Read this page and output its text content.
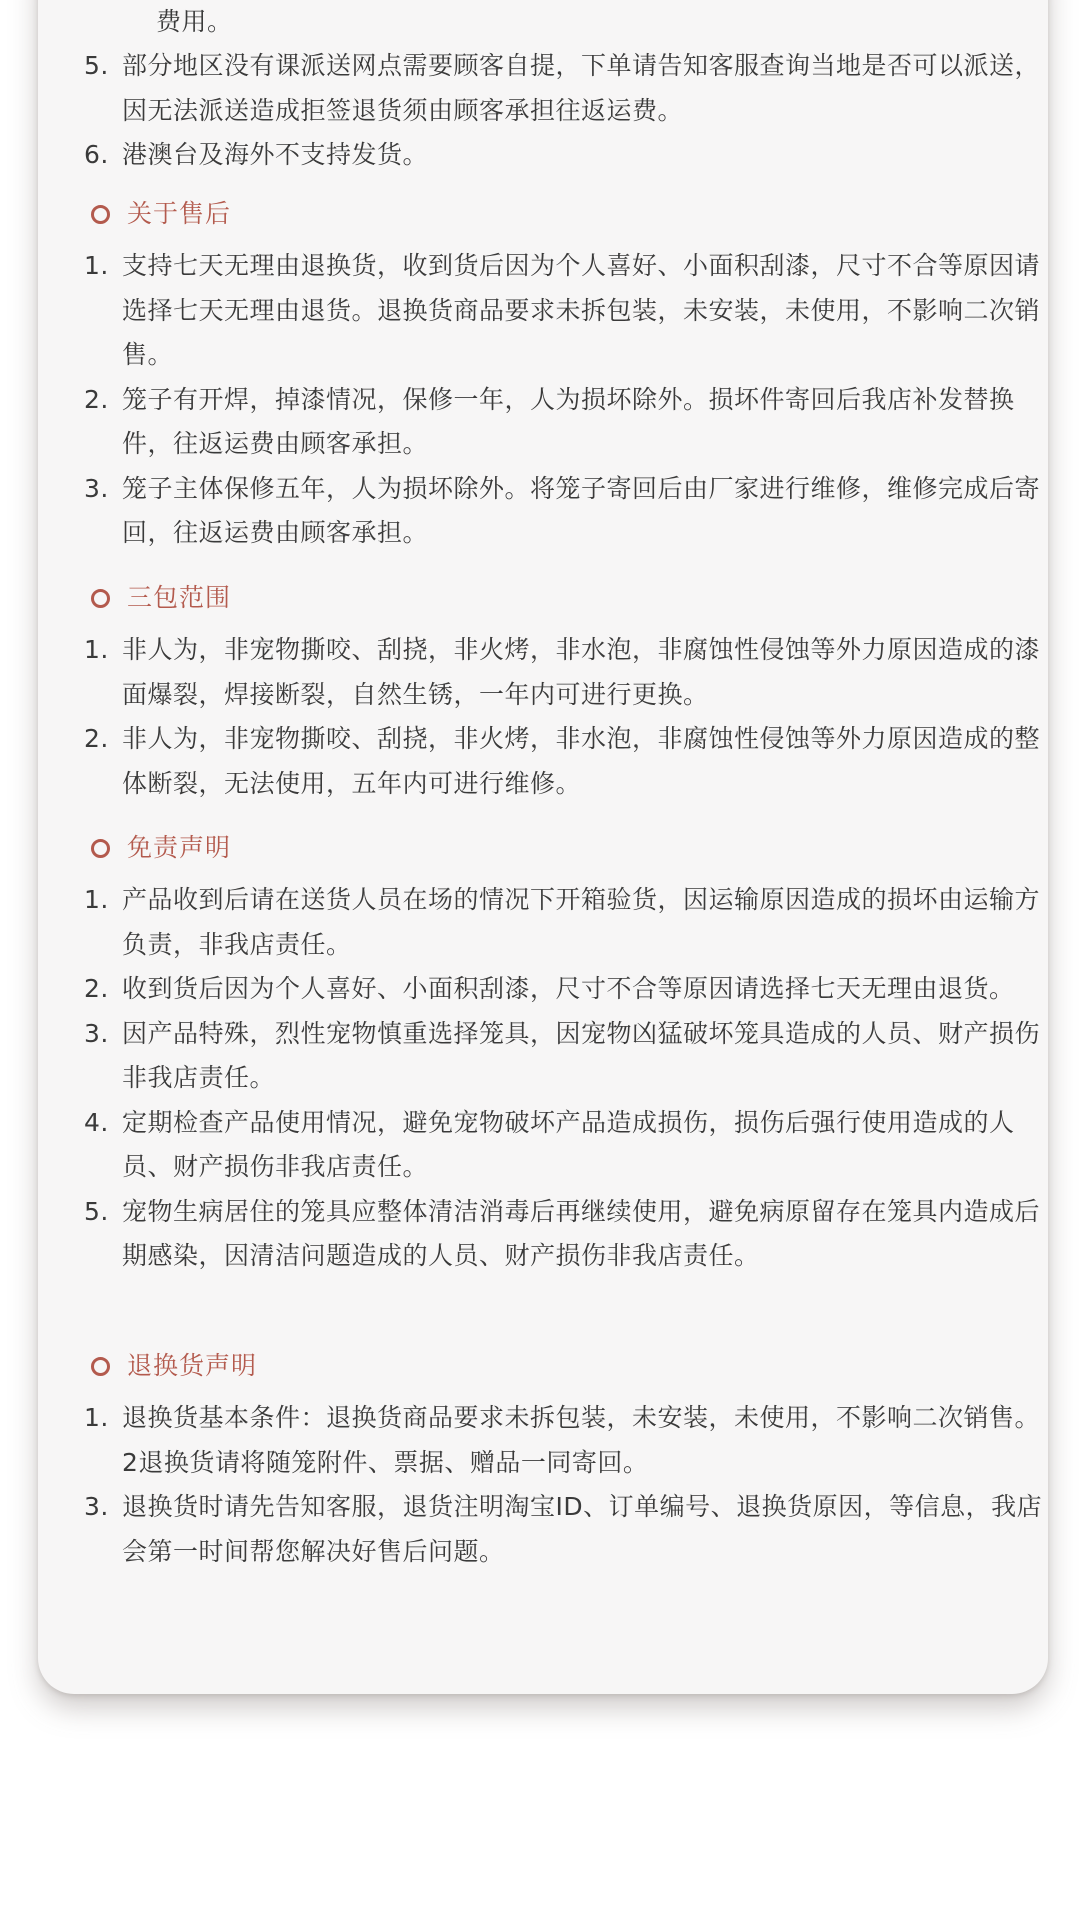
费用。
5. 部分地区没有课派送网点需要顾客自提，下单请告知客服查询当地是否可以派送，因无法派送造成拒签退货须由顾客承担往返运费。
6. 港澳台及海外不支持发货。
关于售后
1. 支持七天无理由退换货，收到货后因为个人喜好、小面积刮漆，尺寸不合等原因请选择七天无理由退货。退换货商品要求未拆包装，未安装，未使用，不影响二次销售。
2. 笼子有开焊，掉漆情况，保修一年，人为损坏除外。损坏件寄回后我店补发替换件，往返运费由顾客承担。
3. 笼子主体保修五年，人为损坏除外。将笼子寄回后由厂家进行维修，维修完成后寄回，往返运费由顾客承担。
三包范围
1. 非人为，非宠物撕咬、刮挠，非火烤，非水泡，非腐蚀性侵蚀等外力原因造成的漆面爆裂，焊接断裂，自然生锈，一年内可进行更换。
2. 非人为，非宠物撕咬、刮挠，非火烤，非水泡，非腐蚀性侵蚀等外力原因造成的整体断裂，无法使用，五年内可进行维修。
免责声明
1. 产品收到后请在送货人员在场的情况下开箱验货，因运输原因造成的损坏由运输方负责，非我店责任。
2. 收到货后因为个人喜好、小面积刮漆，尺寸不合等原因请选择七天无理由退货。
3. 因产品特殊，烈性宠物慎重选择笼具，因宠物凶猛破坏笼具造成的人员、财产损伤非我店责任。
4. 定期检查产品使用情况，避免宠物破坏产品造成损伤，损伤后强行使用造成的人员、财产损伤非我店责任。
5. 宠物生病居住的笼具应整体清洁消毒后再继续使用，避免病原留存在笼具内造成后期感染，因清洁问题造成的人员、财产损伤非我店责任。
退换货声明
1. 退换货基本条件：退换货商品要求未拆包装，未安装，未使用，不影响二次销售。2退换货请将随笼附件、票据、赠品一同寄回。
3. 退换货时请先告知客服，退货注明淘宝ID、订单编号、退换货原因，等信息，我店会第一时间帮您解决好售后问题。
